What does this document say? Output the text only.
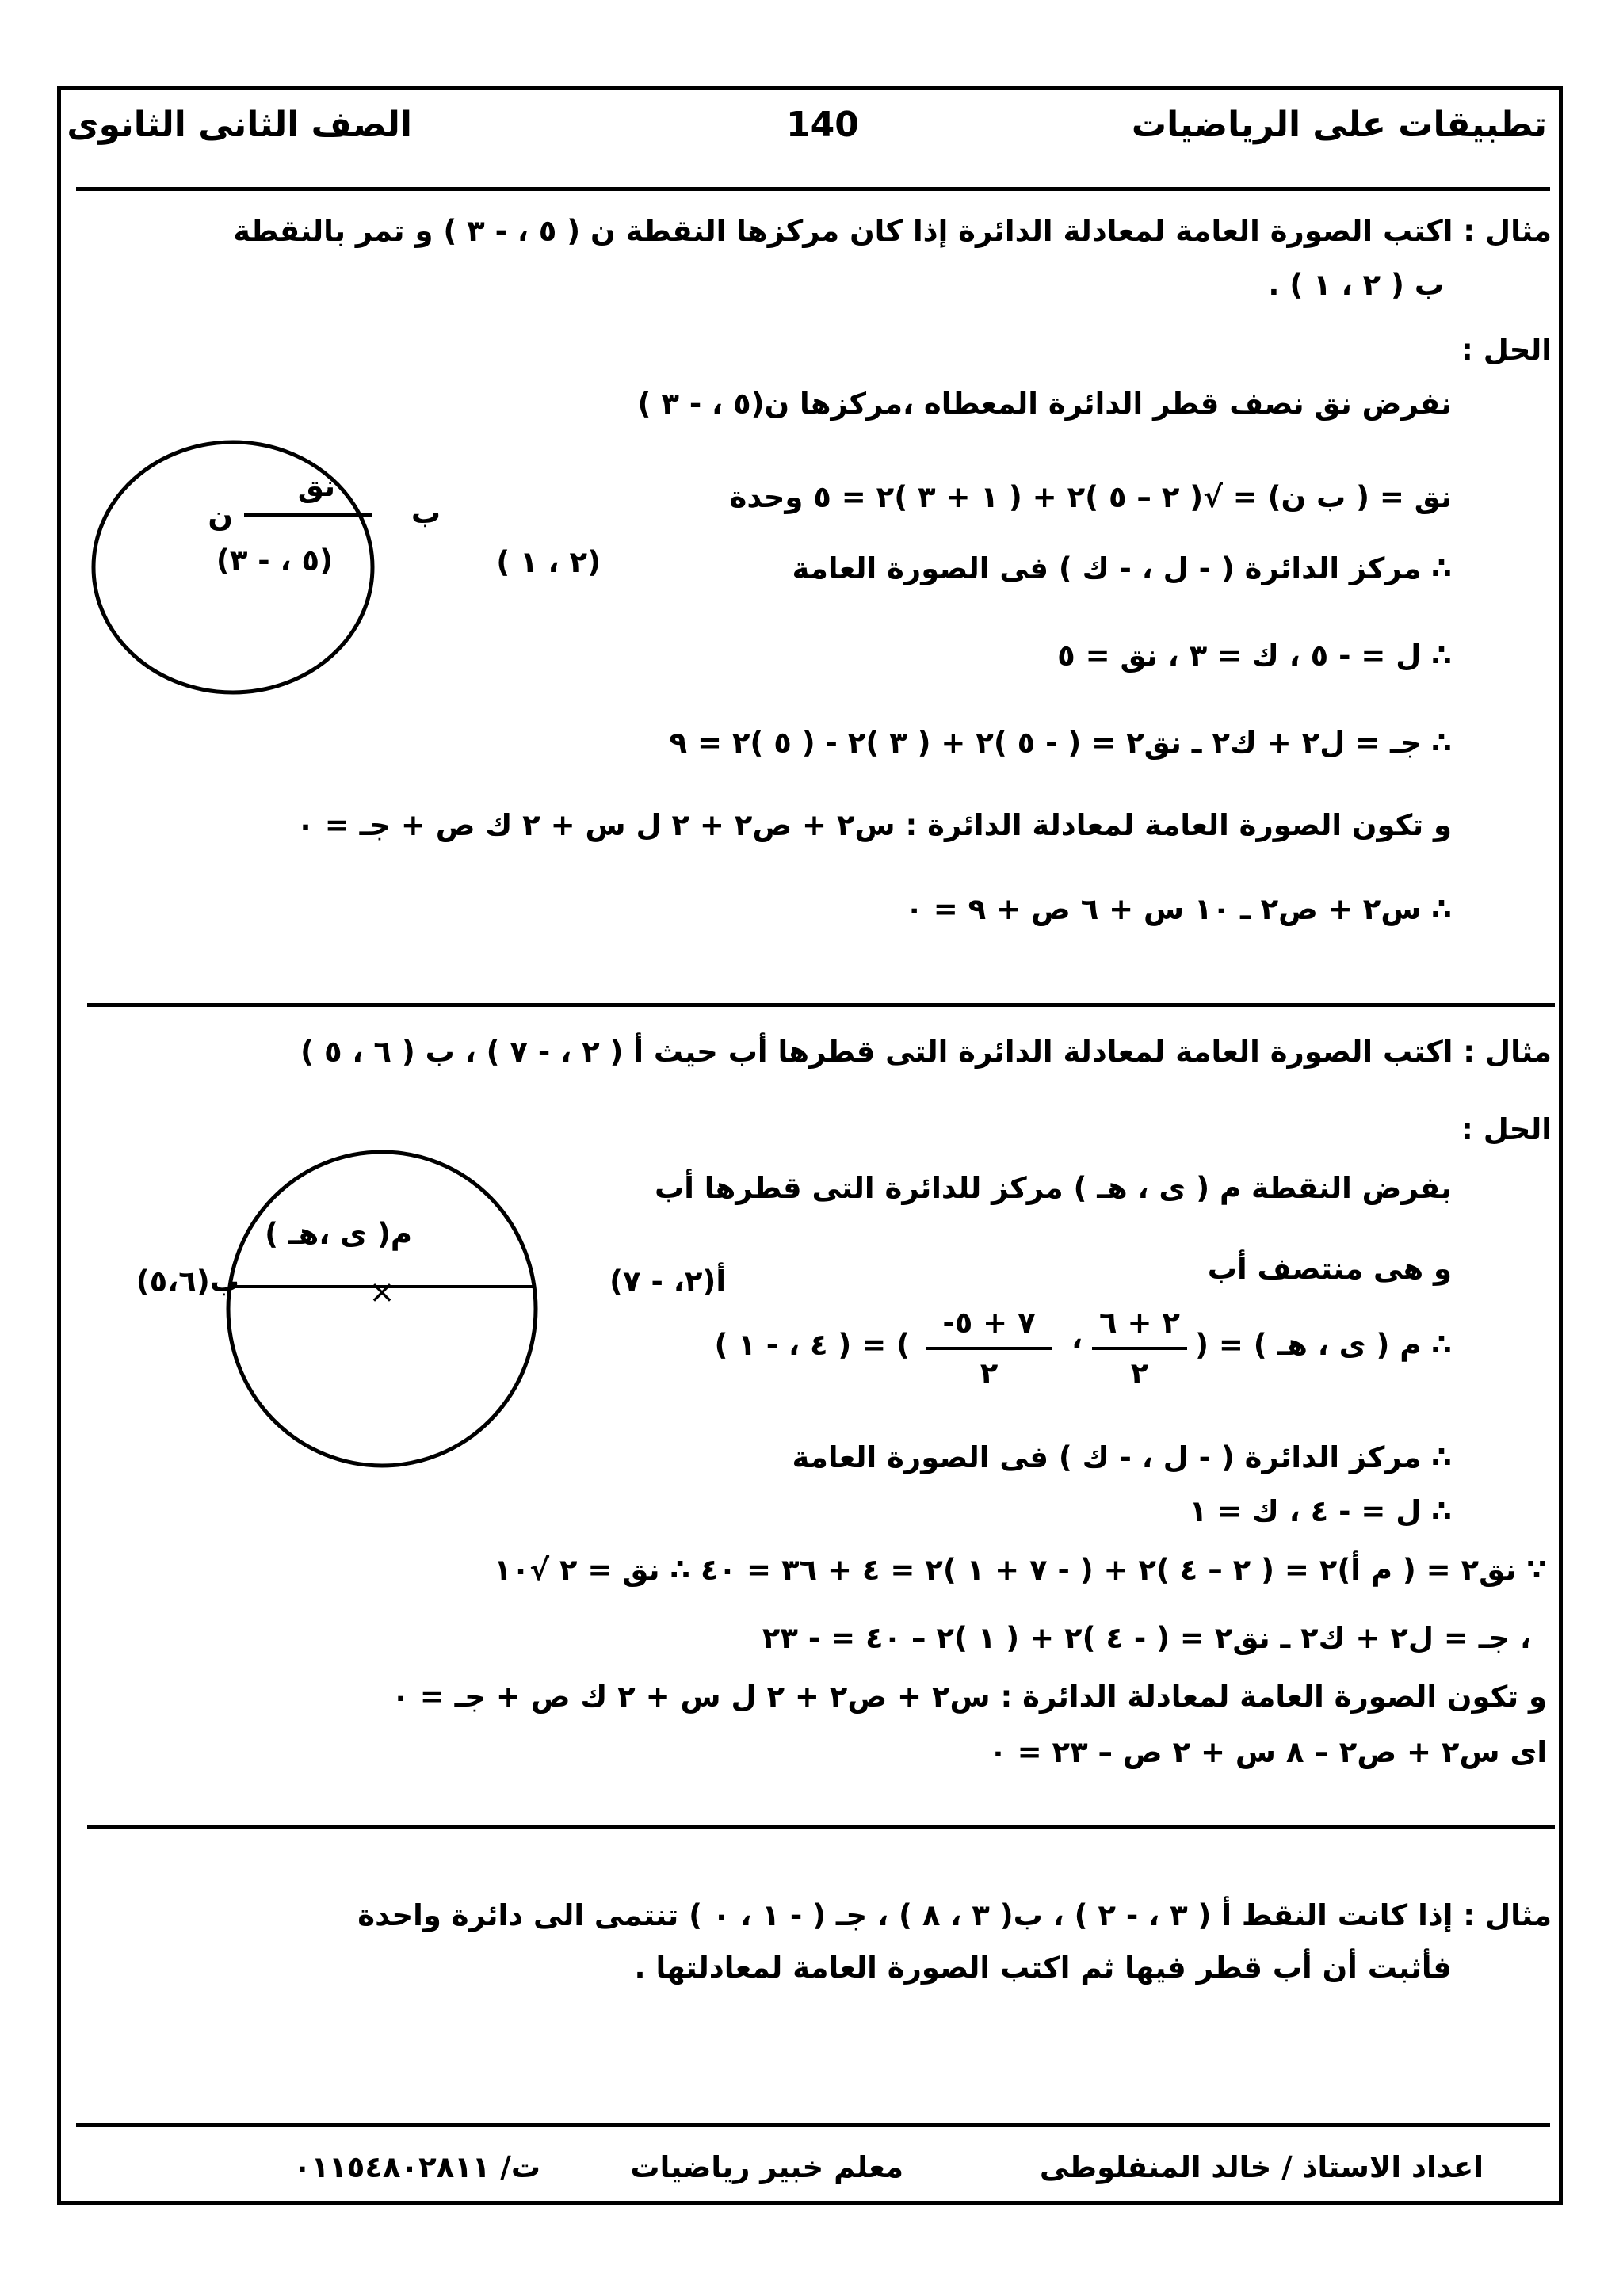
تطبيقات على الرياضيات
140
الصف الثانى الثانوى
مثال : اكتب الصورة العامة لمعادلة الدائرة إذا كان مركزها النقطة ن ( ٥ ، - ٣ ) و تمر بالنقطة
ب ( ٢ ، ١ ) .
الحل :
نفرض نق نصف قطر الدائرة المعطاه ،مركزها ن(٥ ، - ٣ )
نق = ( ب ن) = √( ٢ – ٥ )٢ + ( ١ + ٣ )٢ = ٥ وحدة
∴ مركز الدائرة ( - ل ، - ك ) فى الصورة العامة
∴ ل = - ٥ ، ك = ٣ ، نق = ٥
∴ جـ = ل٢ + ك٢ ـ نق٢ = ( - ٥ )٢ + ( ٣ )٢ - ( ٥ )٢ = ٩
و تكون الصورة العامة لمعادلة الدائرة : س٢ + ص٢ + ٢ ل س + ٢ ك ص + جـ = ٠
∴ س٢ + ص٢ ـ ١٠ س + ٦ ص + ٩ = ٠
نق
ن
(٥ ، - ٣)
ب
(٢ ، ١ )
مثال : اكتب الصورة العامة لمعادلة الدائرة التى قطرها أب حيث أ ( ٢ ، - ٧ ) ، ب ( ٦ ، ٥ )
الحل :
بفرض النقطة م ( ى ، هـ ) مركز للدائرة التى قطرها أب
و هى منتصف أب
∴ م ( ى ، هـ ) = (
٢ + ٦
٢
،
-٧ + ٥
٢
) = ( ٤ ، - ١ )
∴ مركز الدائرة ( - ل ، - ك ) فى الصورة العامة
∴ ل = - ٤ ، ك = ١
∵ نق٢ = ( م أ)٢ = ( ٢ – ٤ )٢ + ( - ٧ + ١ )٢ = ٤ + ٣٦ = ٤٠ ∴ نق = ٢ √١٠
، جـ = ل٢ + ك٢ ـ نق٢ = ( - ٤ )٢ + ( ١ )٢ – ٤٠ = - ٢٣
و تكون الصورة العامة لمعادلة الدائرة : س٢ + ص٢ + ٢ ل س + ٢ ك ص + جـ = ٠
اى س٢ + ص٢ – ٨ س + ٢ ص – ٢٣ = ٠
×
م( ى ،هـ )
أ(٢، - ٧)
ب(٥،٦)
مثال : إذا كانت النقط أ ( ٣ ، - ٢ ) ، ب( ٣ ، ٨ ) ، جـ ( - ١ ، ٠ ) تنتمى الى دائرة واحدة
فأثبت أن أب قطر فيها ثم اكتب الصورة العامة لمعادلتها .
اعداد الاستاذ / خالد المنفلوطى
معلم خبير رياضيات
ت/ ٠١١٥٤٨٠٢٨١١
